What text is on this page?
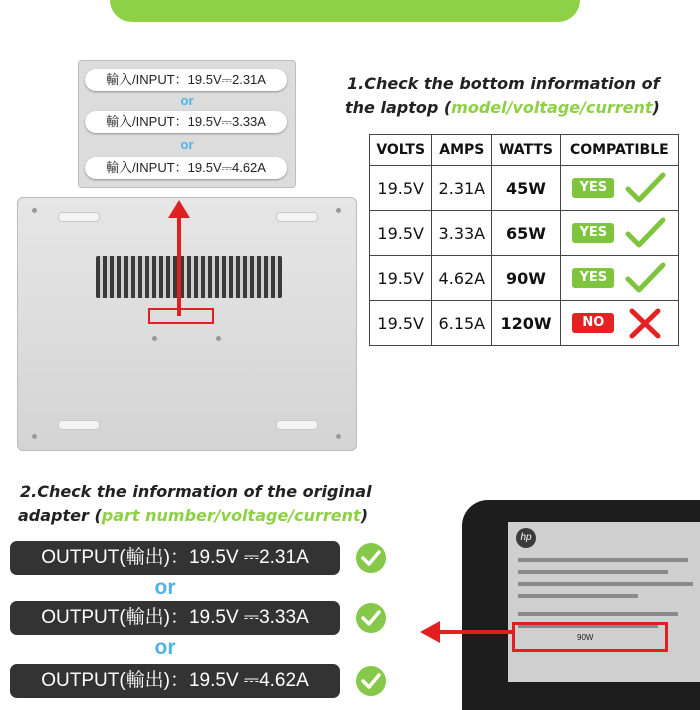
輸入/INPUT：19.5V⎓2.31A
or
輸入/INPUT：19.5V⎓3.33A
or
輸入/INPUT：19.5V⎓4.62A
1.Check the bottom information of
the laptop (model/voltage/current)
VOLTS	AMPS	WATTS	COMPATIBLE
19.5V	2.31A	45W	YES
19.5V	3.33A	65W	YES
19.5V	4.62A	90W	YES
19.5V	6.15A	120W	NO
2.Check the information of the original
adapter (part number/voltage/current)
OUTPUT(輸出)：19.5V ⎓2.31A
or
OUTPUT(輸出)：19.5V ⎓3.33A
or
OUTPUT(輸出)：19.5V ⎓4.62A
hp
90W
